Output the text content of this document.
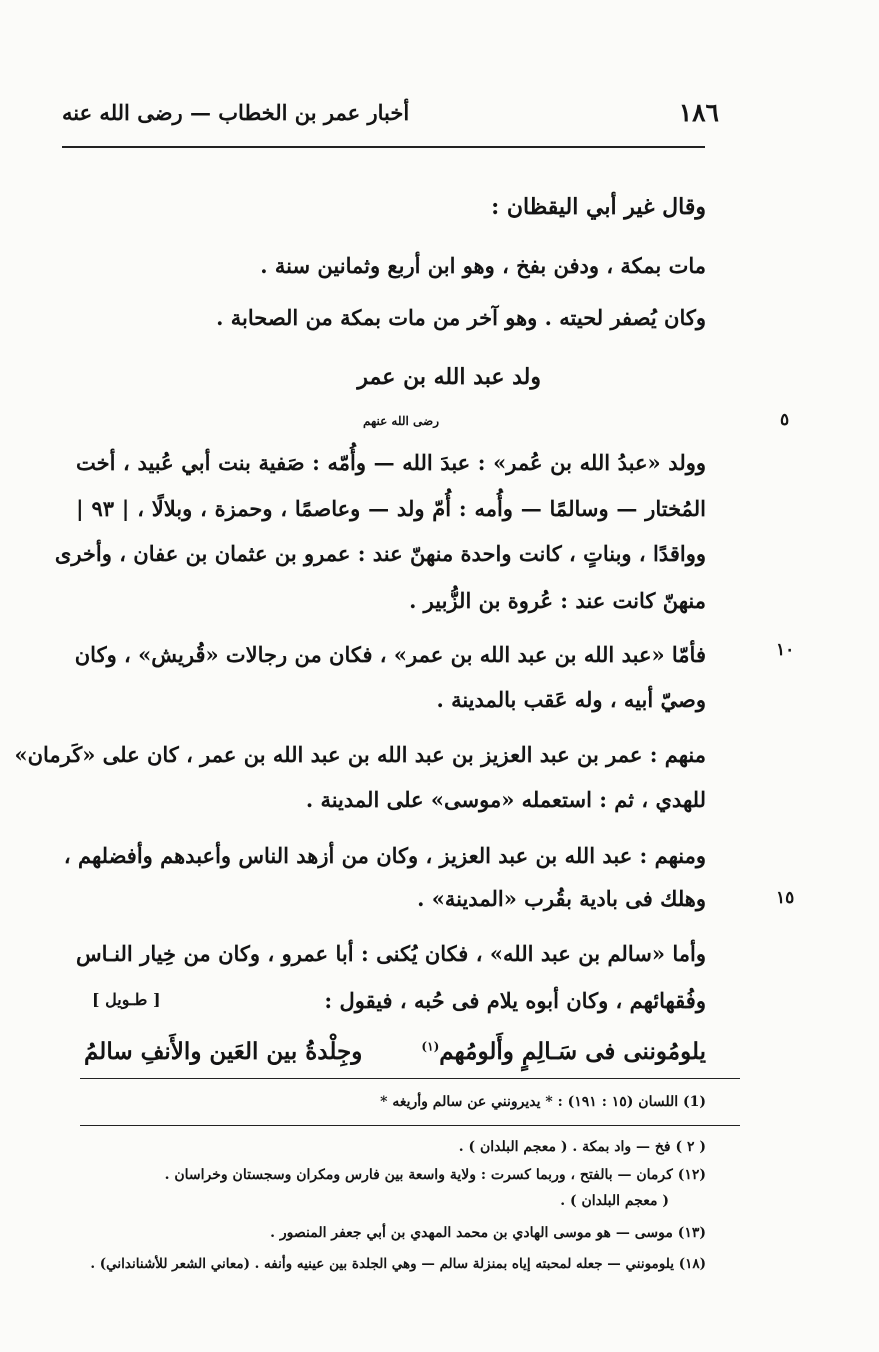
١٨٦
أخبار عمر بن الخطاب — رضى الله عنه
وقال غير أبي اليقظان :
مات بمكة ، ودفن بفخ ، وهو ابن أربع وثمانين سنة .
وكان يُصفر لحيته . وهو آخر من مات بمكة من الصحابة .
ولد عبد الله بن عمر
رضى الله عنهم	٥
١٠
١٥
وولد «عبدُ الله بن عُمر» : عبدَ الله — وأُمّه : صَفية بنت أبي عُبيد ، أخت
المُختار — وسالمًا — وأُمه : أُمّ ولد — وعاصمًا ، وحمزة ، وبلالًا ، | ٩٣ |
وواقدًا ، وبناتٍ ، كانت واحدة منهنّ عند : عمرو بن عثمان بن عفان ، وأخرى
منهنّ كانت عند : عُروة بن الزُّبير .
فأمّا «عبد الله بن عبد الله بن عمر» ، فكان من رجالات «قُريش» ، وكان
وصيّ أبيه ، وله عَقب بالمدينة .
منهم : عمر بن عبد العزيز بن عبد الله بن عبد الله بن عمر ، كان على «كَرمان»
للهدي ، ثم : استعمله «موسى» على المدينة .
ومنهم : عبد الله بن عبد العزيز ، وكان من أزهد الناس وأعبدهم وأفضلهم ،
وهلك فى بادية بقُرب «المدينة» .
وأما «سالم بن عبد الله» ، فكان يُكنى : أبا عمرو ، وكان من خِيار النـاس
وفُقهائهم ، وكان أبوه يلام فى حُبه ، فيقول :
[ طـويل ]
يلومُوننى فى سَـالِمٍ وأَلومُهم$^{(١)}$
وجِلْدةُ بين العَين والأَنفِ سالمُ
(1) اللسان (١٥ : ١٩١) : * يديرونني عن سالم وأريغه *
( ٢ ) فخ — واد بمكة . ( معجم البلدان ) .
(١٢) كرمان — بالفتح ، وربما كسرت : ولاية واسعة بين فارس ومكران وسجستان وخراسان .
( معجم البلدان ) .
(١٣) موسى — هو موسى الهادي بن محمد المهدي بن أبي جعفر المنصور .
(١٨) يلومونني — جعله لمحبته إياه بمنزلة سالم — وهي الجلدة بين عينيه وأنفه . (معاني الشعر للأشنانداني) .
